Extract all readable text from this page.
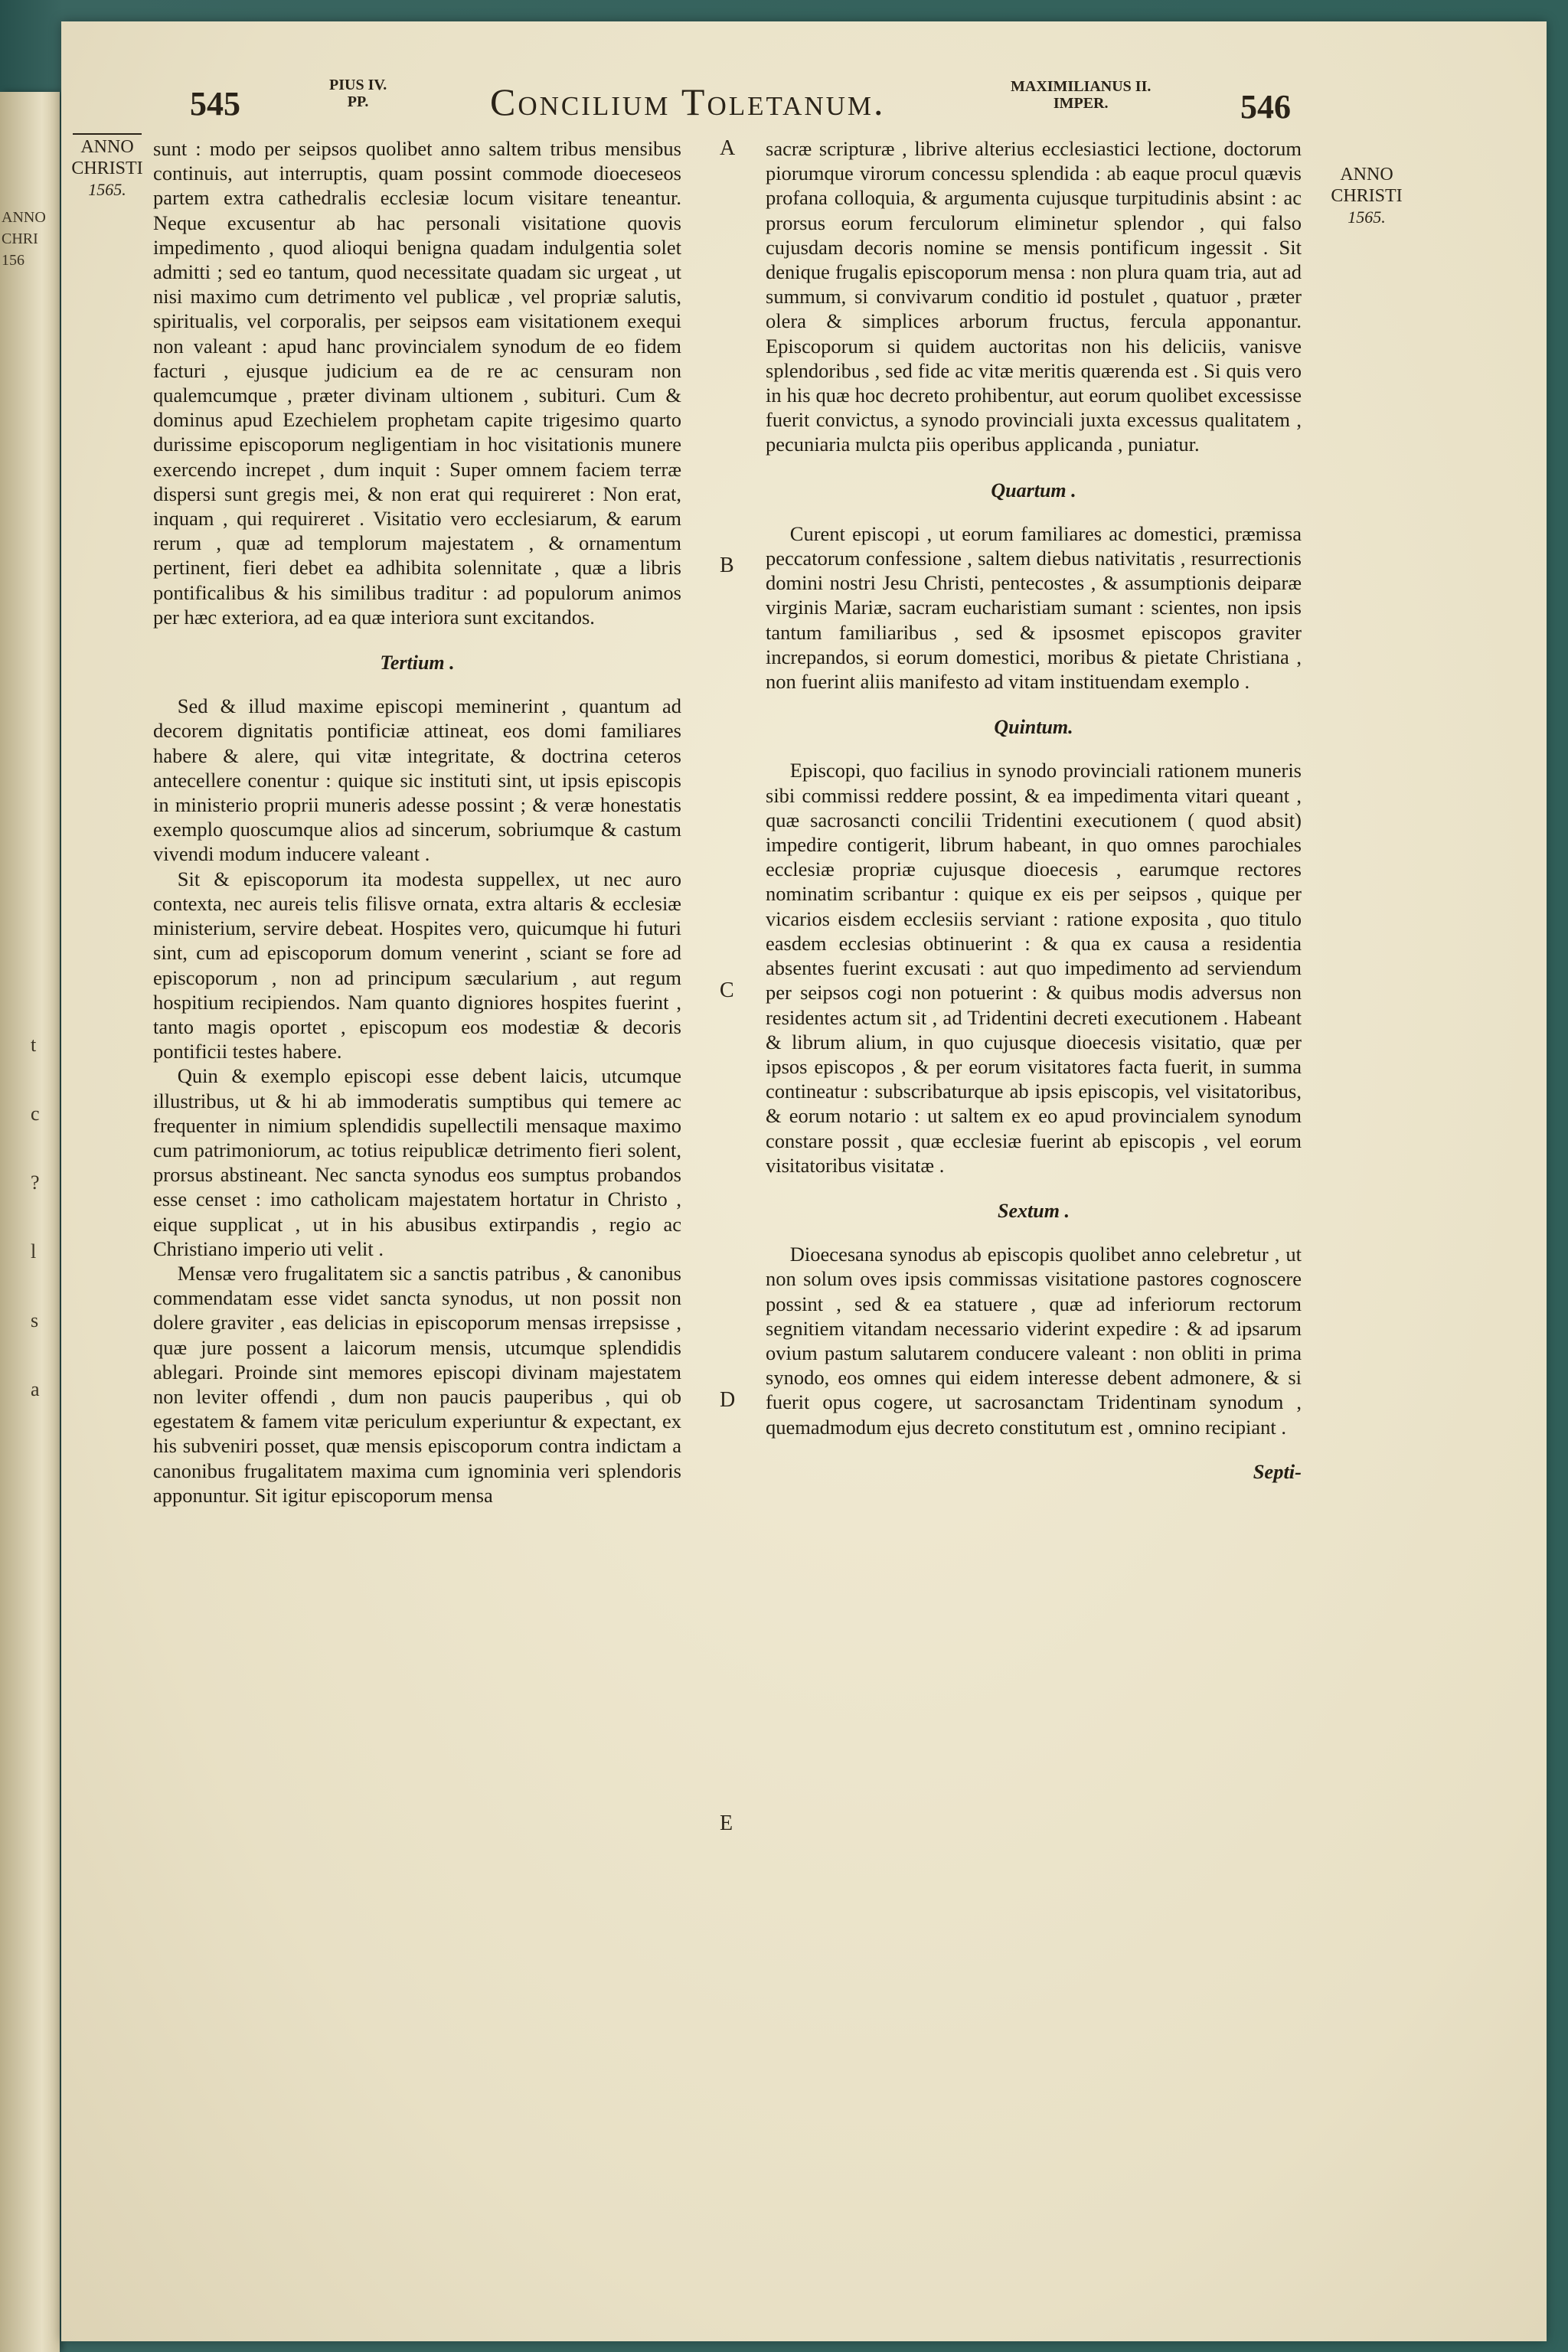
ANNO
CHRI
156
t
c
?
l
s
a
545	PIUS IV.
PP.	Concilium Toletanum.	MAXIMILIANUS II.
IMPER.	546
ANNO
CHRISTI
1565.
ANNO
CHRISTI
1565.
A
B
C
D
E

sunt : modo per seipsos quolibet anno saltem tribus mensibus continuis, aut interruptis, quam possint commode dioeceseos partem extra cathedralis ecclesiæ locum visitare teneantur. Neque excusentur ab hac personali visitatione quovis impedimento , quod alioqui benigna quadam indulgentia solet admitti ; sed eo tantum, quod necessitate quadam sic urgeat , ut nisi maximo cum detrimento vel publicæ , vel propriæ salutis, spiritualis, vel corporalis, per seipsos eam visitationem exequi non valeant : apud hanc provincialem synodum de eo fidem facturi , ejusque judicium ea de re ac censuram non qualemcumque , præter divinam ultionem , subituri. Cum & dominus apud Ezechielem prophetam capite trigesimo quarto durissime episcoporum negligentiam in hoc visitationis munere exercendo increpet , dum inquit : Super omnem faciem terræ dispersi sunt gregis mei, & non erat qui requireret : Non erat, inquam , qui requireret . Visitatio vero ecclesiarum, & earum rerum , quæ ad templorum majestatem , & ornamentum pertinent, fieri debet ea adhibita solennitate , quæ a libris pontificalibus & his similibus traditur : ad populorum animos per hæc exteriora, ad ea quæ interiora sunt excitandos.

Tertium .

Sed & illud maxime episcopi meminerint , quantum ad decorem dignitatis pontificiæ attineat, eos domi familiares habere & alere, qui vitæ integritate, & doctrina ceteros antecellere conentur : quique sic instituti sint, ut ipsis episcopis in ministerio proprii muneris adesse possint ; & veræ honestatis exemplo quoscumque alios ad sincerum, sobriumque & castum vivendi modum inducere valeant .

Sit & episcoporum ita modesta suppellex, ut nec auro contexta, nec aureis telis filisve ornata, extra altaris & ecclesiæ ministerium, servire debeat. Hospites vero, quicumque hi futuri sint, cum ad episcoporum domum venerint , sciant se fore ad episcoporum , non ad principum sæcularium , aut regum hospitium recipiendos. Nam quanto digniores hospites fuerint , tanto magis oportet , episcopum eos modestiæ & decoris pontificii testes habere.

Quin & exemplo episcopi esse debent laicis, utcumque illustribus, ut & hi ab immoderatis sumptibus qui temere ac frequenter in nimium splendidis supellectili mensaque maximo cum patrimoniorum, ac totius reipublicæ detrimento fieri solent, prorsus abstineant. Nec sancta synodus eos sumptus probandos esse censet : imo catholicam majestatem hortatur in Christo , eique supplicat , ut in his abusibus extirpandis , regio ac Christiano imperio uti velit .

Mensæ vero frugalitatem sic a sanctis patribus , & canonibus commendatam esse videt sancta synodus, ut non possit non dolere graviter , eas delicias in episcoporum mensas irrepsisse , quæ jure possent a laicorum mensis, utcumque splendidis ablegari. Proinde sint memores episcopi divinam majestatem non leviter offendi , dum non paucis pauperibus , qui ob egestatem & famem vitæ periculum experiuntur & expectant, ex his subveniri posset, quæ mensis episcoporum contra indictam a canonibus frugalitatem maxima cum ignominia veri splendoris apponuntur. Sit igitur episcoporum mensa

sacræ scripturæ , librive alterius ecclesiastici lectione, doctorum piorumque virorum concessu splendida : ab eaque procul quævis profana colloquia, & argumenta cujusque turpitudinis absint : ac prorsus eorum ferculorum eliminetur splendor , qui falso cujusdam decoris nomine se mensis pontificum ingessit . Sit denique frugalis episcoporum mensa : non plura quam tria, aut ad summum, si convivarum conditio id postulet , quatuor , præter olera & simplices arborum fructus, fercula apponantur. Episcoporum si quidem auctoritas non his deliciis, vanisve splendoribus , sed fide ac vitæ meritis quærenda est . Si quis vero in his quæ hoc decreto prohibentur, aut eorum quolibet excessisse fuerit convictus, a synodo provinciali juxta excessus qualitatem , pecuniaria mulcta piis operibus applicanda , puniatur.

Quartum .

Curent episcopi , ut eorum familiares ac domestici, præmissa peccatorum confessione , saltem diebus nativitatis , resurrectionis domini nostri Jesu Christi, pentecostes , & assumptionis deiparæ virginis Mariæ, sacram eucharistiam sumant : scientes, non ipsis tantum familiaribus , sed & ipsosmet episcopos graviter increpandos, si eorum domestici, moribus & pietate Christiana , non fuerint aliis manifesto ad vitam instituendam exemplo .

Quintum.

Episcopi, quo facilius in synodo provinciali rationem muneris sibi commissi reddere possint, & ea impedimenta vitari queant , quæ sacrosancti concilii Tridentini executionem ( quod absit) impedire contigerit, librum habeant, in quo omnes parochiales ecclesiæ propriæ cujusque dioecesis , earumque rectores nominatim scribantur : quique ex eis per seipsos , quique per vicarios eisdem ecclesiis serviant : ratione exposita , quo titulo easdem ecclesias obtinuerint : & qua ex causa a residentia absentes fuerint excusati : aut quo impedimento ad serviendum per seipsos cogi non potuerint : & quibus modis adversus non residentes actum sit , ad Tridentini decreti executionem . Habeant & librum alium, in quo cujusque dioecesis visitatio, quæ per ipsos episcopos , & per eorum visitatores facta fuerit, in summa contineatur : subscribaturque ab ipsis episcopis, vel visitatoribus, & eorum notario : ut saltem ex eo apud provincialem synodum constare possit , quæ ecclesiæ fuerint ab episcopis , vel eorum visitatoribus visitatæ .

Sextum .

Dioecesana synodus ab episcopis quolibet anno celebretur , ut non solum oves ipsis commissas visitatione pastores cognoscere possint , sed & ea statuere , quæ ad inferiorum rectorum segnitiem vitandam necessario viderint expedire : & ad ipsarum ovium pastum salutarem conducere valeant : non obliti in prima synodo, eos omnes qui eidem interesse debent admonere, & si fuerit opus cogere, ut sacrosanctam Tridentinam synodum , quemadmodum ejus decreto constitutum est , omnino recipiant .

Septi-
